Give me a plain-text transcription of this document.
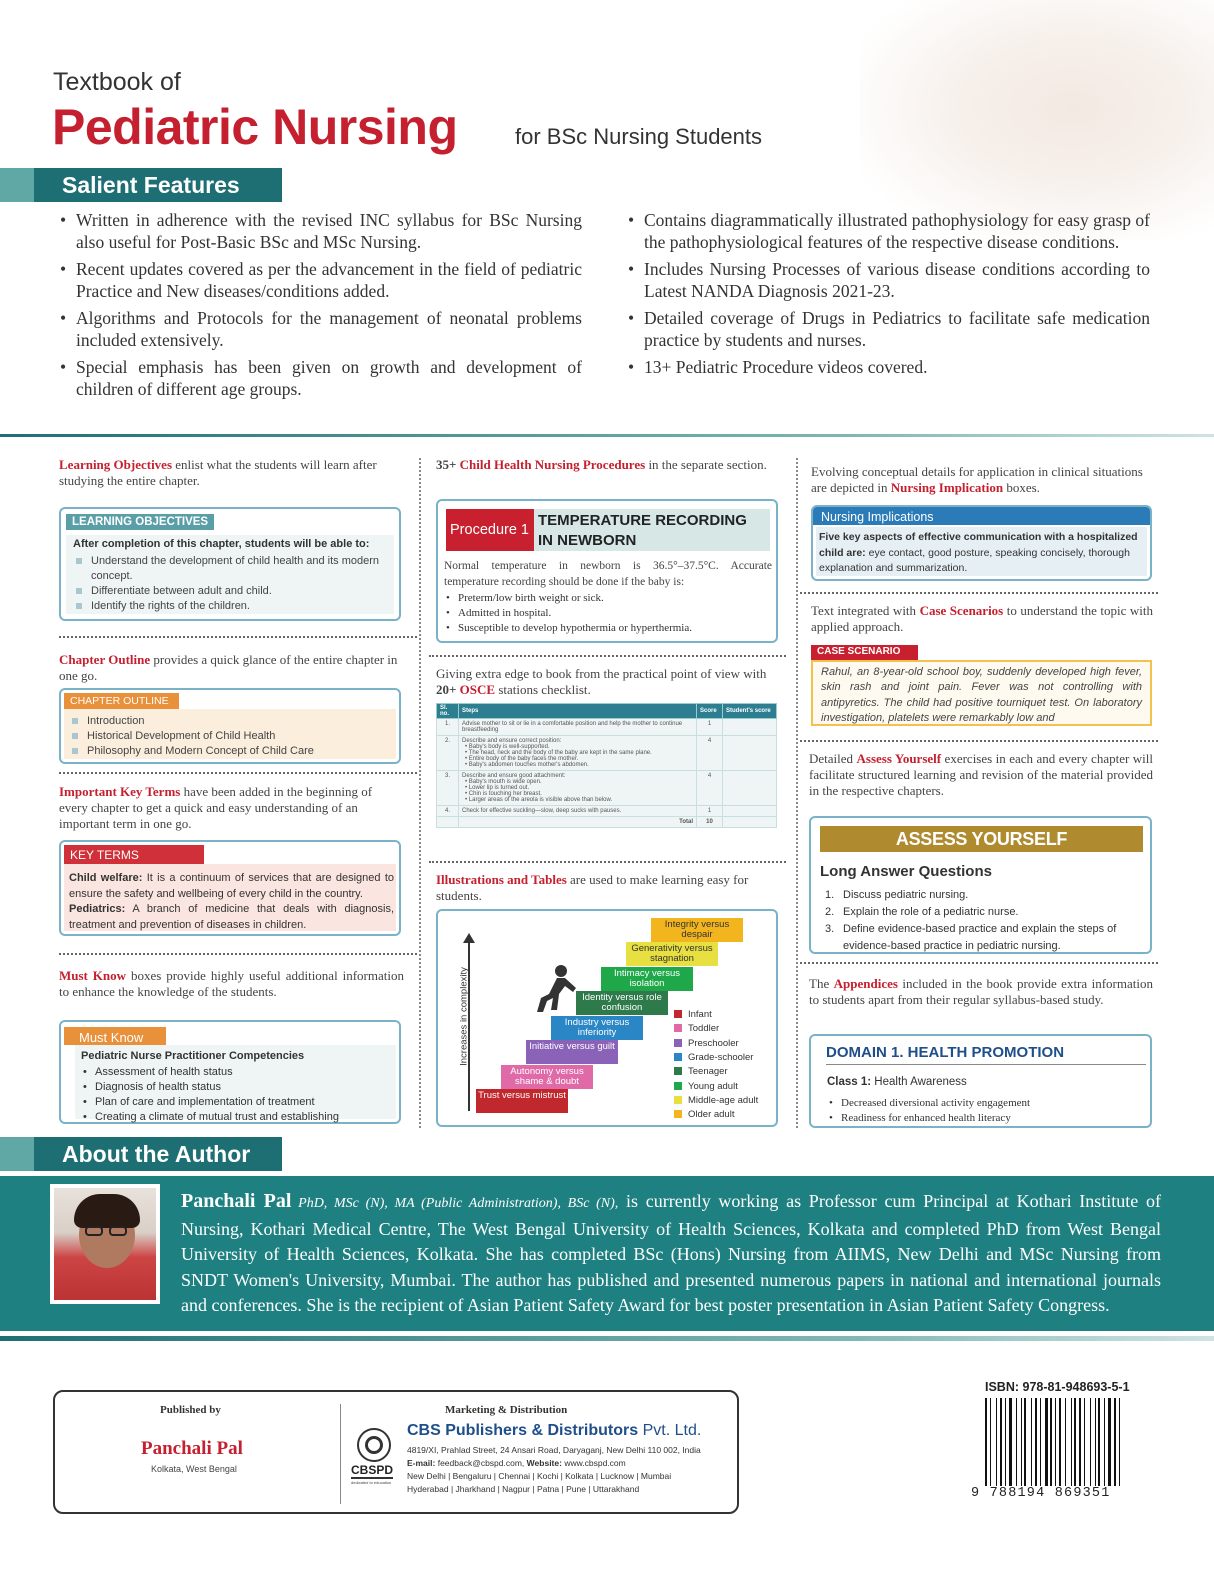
Textbook of
Pediatric Nursing	for BSc Nursing Students
Salient Features
• Written in adherence with the revised INC syllabus for BSc Nursing also useful for Post-Basic BSc and MSc Nursing.
• Recent updates covered as per the advancement in the field of pediatric Practice and New diseases/conditions added.
• Algorithms and Protocols for the management of neonatal problems included extensively.
• Special emphasis has been given on growth and development of children of different age groups.
• Contains diagrammatically illustrated pathophysiology for easy grasp of the pathophysiological features of the respective disease conditions.
• Includes Nursing Processes of various disease conditions according to Latest NANDA Diagnosis 2021-23.
• Detailed coverage of Drugs in Pediatrics to facilitate safe medication practice by students and nurses.
• 13+ Pediatric Procedure videos covered.
Learning Objectives enlist what the students will learn after studying the entire chapter.
LEARNING OBJECTIVES
After completion of this chapter, students will be able to:
Understand the development of child health and its modern concept.
Differentiate between adult and child.
Identify the rights of the children.
Chapter Outline provides a quick glance of the entire chapter in one go.
CHAPTER OUTLINE
Introduction
Historical Development of Child Health
Philosophy and Modern Concept of Child Care
Important Key Terms have been added in the beginning of every chapter to get a quick and easy understanding of an important term in one go.
KEY TERMS
Child welfare: It is a continuum of services that are designed to ensure the safety and wellbeing of every child in the country.
Pediatrics: A branch of medicine that deals with diagnosis, treatment and prevention of diseases in children.
Must Know boxes provide highly useful additional information to enhance the knowledge of the students.
Must Know
Pediatric Nurse Practitioner Competencies
• Assessment of health status
• Diagnosis of health status
• Plan of care and implementation of treatment
• Creating a climate of mutual trust and establishing
35+ Child Health Nursing Procedures in the separate section.
Procedure 1
TEMPERATURE RECORDING IN NEWBORN
Normal temperature in newborn is 36.5°–37.5°C. Accurate temperature recording should be done if the baby is:
• Preterm/low birth weight or sick.
• Admitted in hospital.
• Susceptible to develop hypothermia or hyperthermia.
Giving extra edge to book from the practical point of view with 20+ OSCE stations checklist.
Sl. no.	Steps	Score	Student's score
1.	Advise mother to sit or lie in a comfortable position and help the mother to continue breastfeeding	1	
2.	Describe and ensure correct position:
• Baby's body is well-supported.
• The head, neck and the body of the baby are kept in the same plane.
• Entire body of the baby faces the mother.
• Baby's abdomen touches mother's abdomen.	4	
3.	Describe and ensure good attachment:
• Baby's mouth is wide open.
• Lower lip is turned out.
• Chin is touching her breast.
• Larger areas of the areola is visible above than below.	4	
4.	Check for effective suckling—slow, deep sucks with pauses.	1	
	Total	10	
Illustrations and Tables are used to make learning easy for students.
Increases in complexity
Trust versus mistrust
Autonomy versus shame & doubt
Initiative versus guilt
Industry versus inferiority
Identity versus role confusion
Intimacy versus isolation
Generativity versus stagnation
Integrity versus despair
Infant
Toddler
Preschooler
Grade-schooler
Teenager
Young adult
Middle-age adult
Older adult
Evolving conceptual details for application in clinical situations are depicted in Nursing Implication boxes.
Nursing Implications
Five key aspects of effective communication with a hospitalized child are: eye contact, good posture, speaking concisely, thorough explanation and summarization.
Text integrated with Case Scenarios to understand the topic with applied approach.
CASE SCENARIO
Rahul, an 8-year-old school boy, suddenly developed high fever, skin rash and joint pain. Fever was not controlling with antipyretics. The child had positive tourniquet test. On laboratory investigation, platelets were remarkably low and
Detailed Assess Yourself exercises in each and every chapter will facilitate structured learning and revision of the material provided in the respective chapters.
ASSESS YOURSELF
Long Answer Questions
1. Discuss pediatric nursing.
2. Explain the role of a pediatric nurse.
3. Define evidence-based practice and explain the steps of evidence-based practice in pediatric nursing.
The Appendices included in the book provide extra information to students apart from their regular syllabus-based study.
DOMAIN 1. HEALTH PROMOTION
Class 1: Health Awareness
• Decreased diversional activity engagement
• Readiness for enhanced health literacy
About the Author
Panchali Pal PhD, MSc (N), MA (Public Administration), BSc (N), is currently working as Professor cum Principal at Kothari Institute of Nursing, Kothari Medical Centre, The West Bengal University of Health Sciences, Kolkata and completed PhD from West Bengal University of Health Sciences, Kolkata. She has completed BSc (Hons) Nursing from AIIMS, New Delhi and MSc Nursing from SNDT Women's University, Mumbai. The author has published and presented numerous papers in national and international journals and conferences. She is the recipient of Asian Patient Safety Award for best poster presentation in Asian Patient Safety Congress.
Published by
Panchali Pal
Kolkata, West Bengal
Marketing & Distribution
CBSPD
dedicated to education
CBS Publishers & Distributors Pvt. Ltd.
4819/XI, Prahlad Street, 24 Ansari Road, Daryaganj, New Delhi 110 002, India
E-mail: feedback@cbspd.com, Website: www.cbspd.com
New Delhi | Bengaluru | Chennai | Kochi | Kolkata | Lucknow | Mumbai
Hyderabad | Jharkhand | Nagpur | Patna | Pune | Uttarakhand
ISBN: 978-81-948693-5-1
9 788194 869351
